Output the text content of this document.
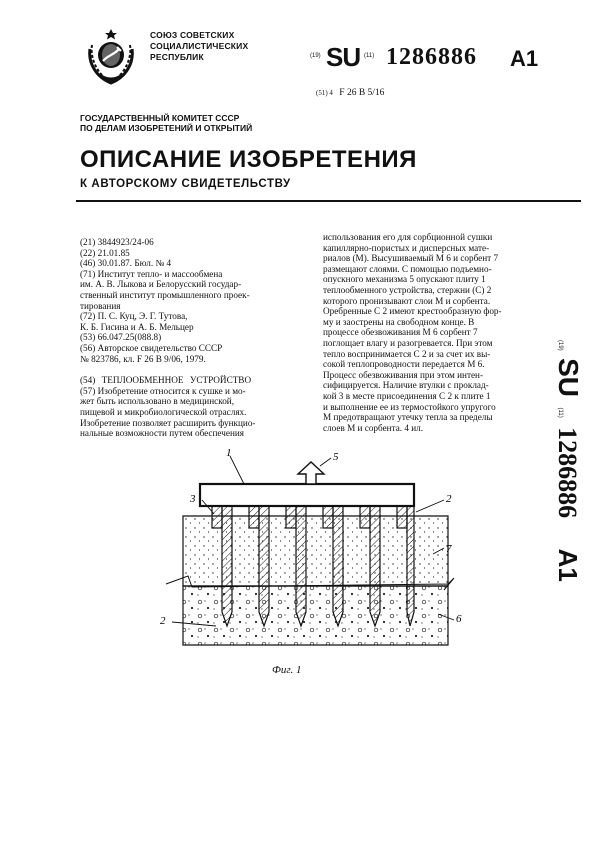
СОЮЗ СОВЕТСКИХ
СОЦИАЛИСТИЧЕСКИХ
РЕСПУБЛИК	(19) SU (11) 1286886 A1
(51) 4 F 26 B 5/16
ГОСУДАРСТВЕННЫЙ КОМИТЕТ СССР
ПО ДЕЛАМ ИЗОБРЕТЕНИЙ И ОТКРЫТИЙ
ОПИСАНИЕ ИЗОБРЕТЕНИЯ
К АВТОРСКОМУ СВИДЕТЕЛЬСТВУ
(21) 3844923/24-06
(22) 21.01.85
(46) 30.01.87. Бюл. № 4
(71) Институт тепло- и массообмена
им. А. В. Лыкова и Белорусский государ-
ственный институт промышленного проек-
тирования
(72) П. С. Куц, Э. Г. Тутова,
К. Б. Гисина и А. Б. Мельцер
(53) 66.047.25(088.8)
(56) Авторское свидетельство СССР
№ 823786, кл. F 26 B 9/06, 1979.
(54) ТЕПЛООБМЕННОЕ УСТРОЙСТВО
(57) Изобретение относится к сушке и мо-
жет быть использовано в медицинской,
пищевой и микробиологической отраслях.
Изобретение позволяет расширить функцио-
нальные возможности путем обеспечения
использования его для сорбционной сушки
капиллярно-пористых и дисперсных мате-
риалов (М). Высушиваемый М 6 и сорбент 7
размещают слоями. С помощью подъемно-
опускного механизма 5 опускают плиту 1
теплообменного устройства, стержни (С) 2
которого пронизывают слои М и сорбента.
Оребренные С 2 имеют крестообразную фор-
му и заострены на свободном конце. В
процессе обезвоживания М 6 сорбент 7
поглощает влагу и разогревается. При этом
тепло воспринимается С 2 и за счет их вы-
сокой теплопроводности передается М 6.
Процесс обезвоживания при этом интен-
сифицируется. Наличие втулки с проклад-
кой 3 в месте присоединения С 2 к плите 1
и выполнение ее из термостойкого упругого
М предотвращают утечку тепла за пределы
слоев М и сорбента. 4 ил.
(19) SU (11) 1286886 A1
1	5
3	2
7
2	6
Фиг. 1
